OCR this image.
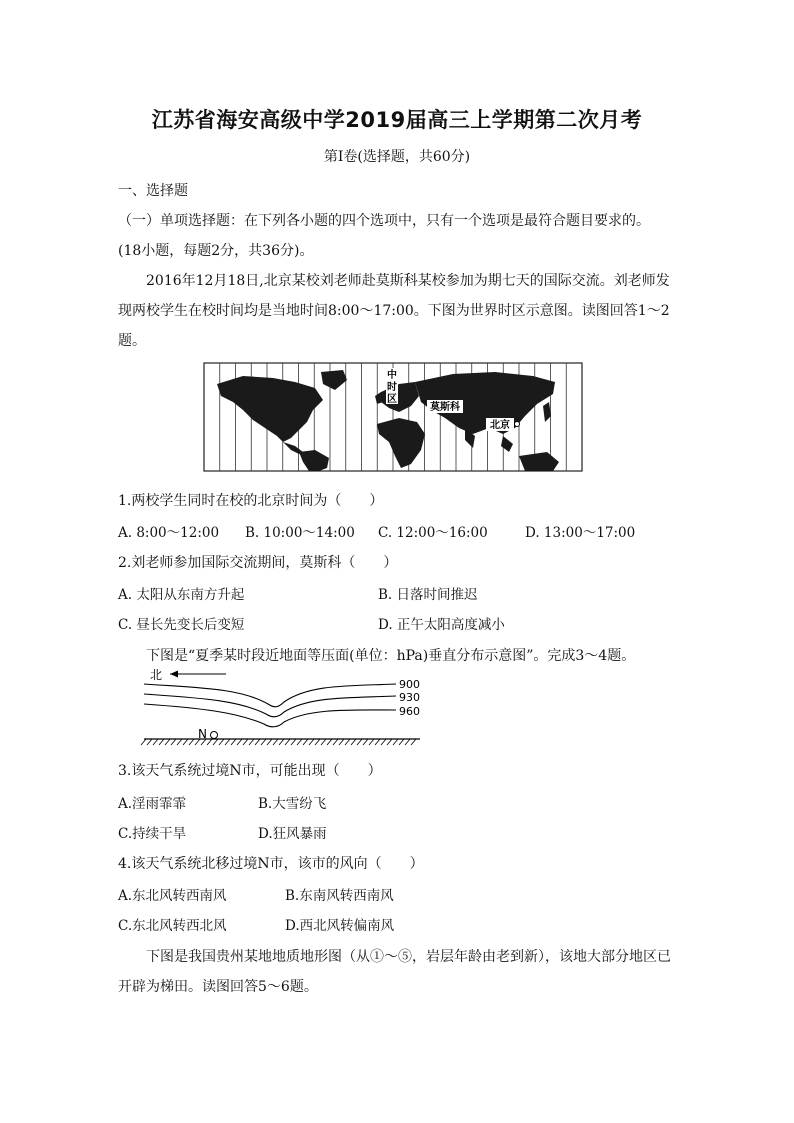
江苏省海安高级中学2019届高三上学期第二次月考
第Ⅰ卷(选择题，共60分)
一、选择题
（一）单项选择题：在下列各小题的四个选项中，只有一个选项是最符合题目要求的。
(18小题，每题2分，共36分)。
2016年12月18日,北京某校刘老师赴莫斯科某校参加为期七天的国际交流。刘老师发
现两校学生在校时间均是当地时间8:00～17:00。下图为世界时区示意图。读图回答1～2
题。
中
时
区
莫斯科
北京
1.两校学生同时在校的北京时间为（　　）
A. 8:00～12:00 B. 10:00～14:00 C. 12:00～16:00	D. 13:00～17:00
2.刘老师参加国际交流期间，莫斯科（　　）
A. 太阳从东南方升起	B. 日落时间推迟
C. 昼长先变长后变短	D. 正午太阳高度减小
下图是“夏季某时段近地面等压面(单位：hPa)垂直分布示意图”。完成3～4题。
北
900
930
960
N
3.该天气系统过境N市，可能出现（　　）
A.淫雨霏霏	B.大雪纷飞
C.持续干旱	D.狂风暴雨
4.该天气系统北移过境N市，该市的风向（　　）
A.东北风转西南风	B.东南风转西南风
C.东北风转西北风	D.西北风转偏南风
下图是我国贵州某地地质地形图（从①～⑤，岩层年龄由老到新），该地大部分地区已
开辟为梯田。读图回答5～6题。
